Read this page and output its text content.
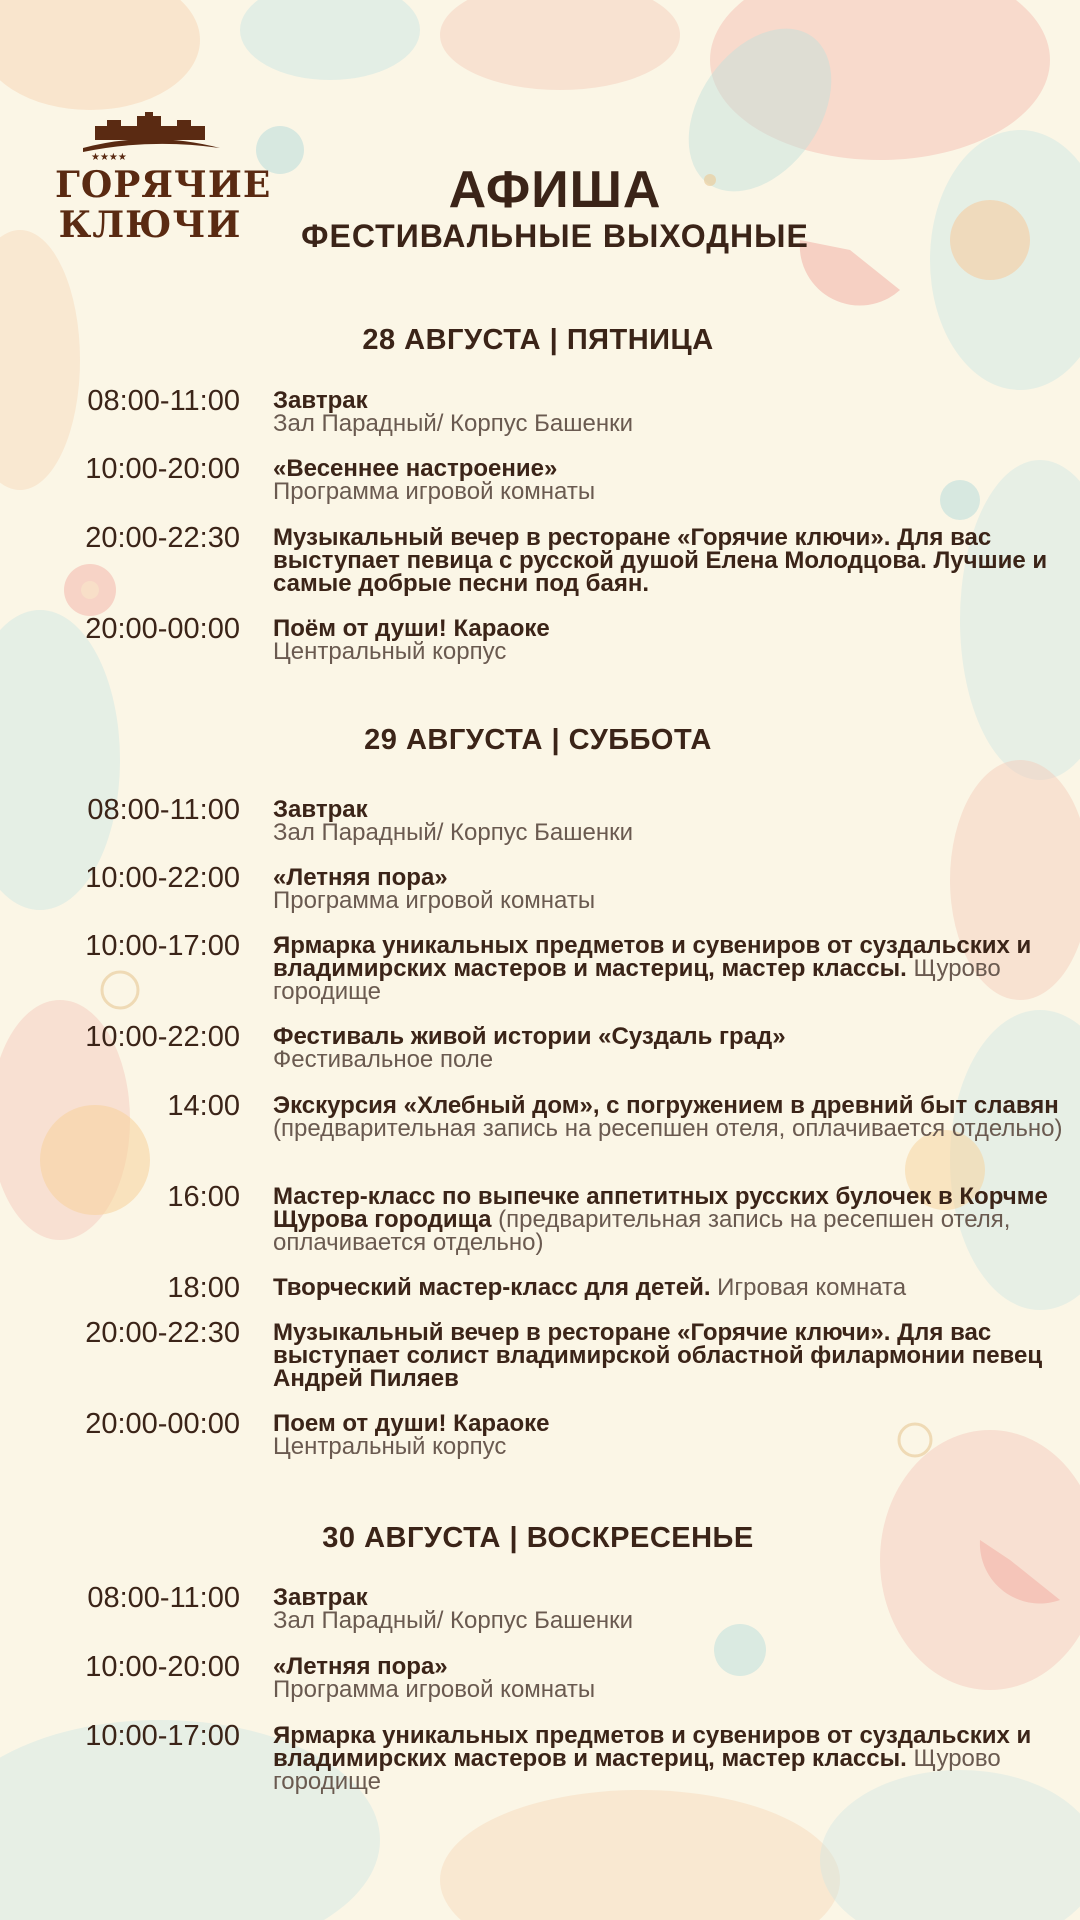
★★★★
ГОРЯЧИЕ
КЛЮЧИ
АФИША
ФЕСТИВАЛЬНЫЕ ВЫХОДНЫЕ
28 АВГУСТА | ПЯТНИЦА
08:00-11:00 Завтрак
Зал Парадный/ Корпус Башенки
10:00-20:00 «Весеннее настроение»
Программа игровой комнаты
20:00-22:30 Музыкальный вечер в ресторане «Горячие ключи». Для вас выступает певица с русской душой Елена Молодцова. Лучшие и самые добрые песни под баян.
20:00-00:00 Поём от души! Караоке
Центральный корпус
29 АВГУСТА | СУББОТА
08:00-11:00 Завтрак
Зал Парадный/ Корпус Башенки
10:00-22:00 «Летняя пора»
Программа игровой комнаты
10:00-17:00 Ярмарка уникальных предметов и сувениров от суздальских и владимирских мастеров и мастериц, мастер классы. Щурово городище
10:00-22:00 Фестиваль живой истории «Суздаль град»
Фестивальное поле
14:00 Экскурсия «Хлебный дом», с погружением в древний быт славян (предварительная запись на ресепшен отеля, оплачивается отдельно)
16:00 Мастер-класс по выпечке аппетитных русских булочек в Корчме Щурова городища (предварительная запись на ресепшен отеля, оплачивается отдельно)
18:00 Творческий мастер-класс для детей. Игровая комната
20:00-22:30 Музыкальный вечер в ресторане «Горячие ключи». Для вас выступает солист владимирской областной филармонии певец Андрей Пиляев
20:00-00:00 Поем от души! Караоке
Центральный корпус
30 АВГУСТА | ВОСКРЕСЕНЬЕ
08:00-11:00 Завтрак
Зал Парадный/ Корпус Башенки
10:00-20:00 «Летняя пора»
Программа игровой комнаты
10:00-17:00 Ярмарка уникальных предметов и сувениров от суздальских и владимирских мастеров и мастериц, мастер классы. Щурово городище
